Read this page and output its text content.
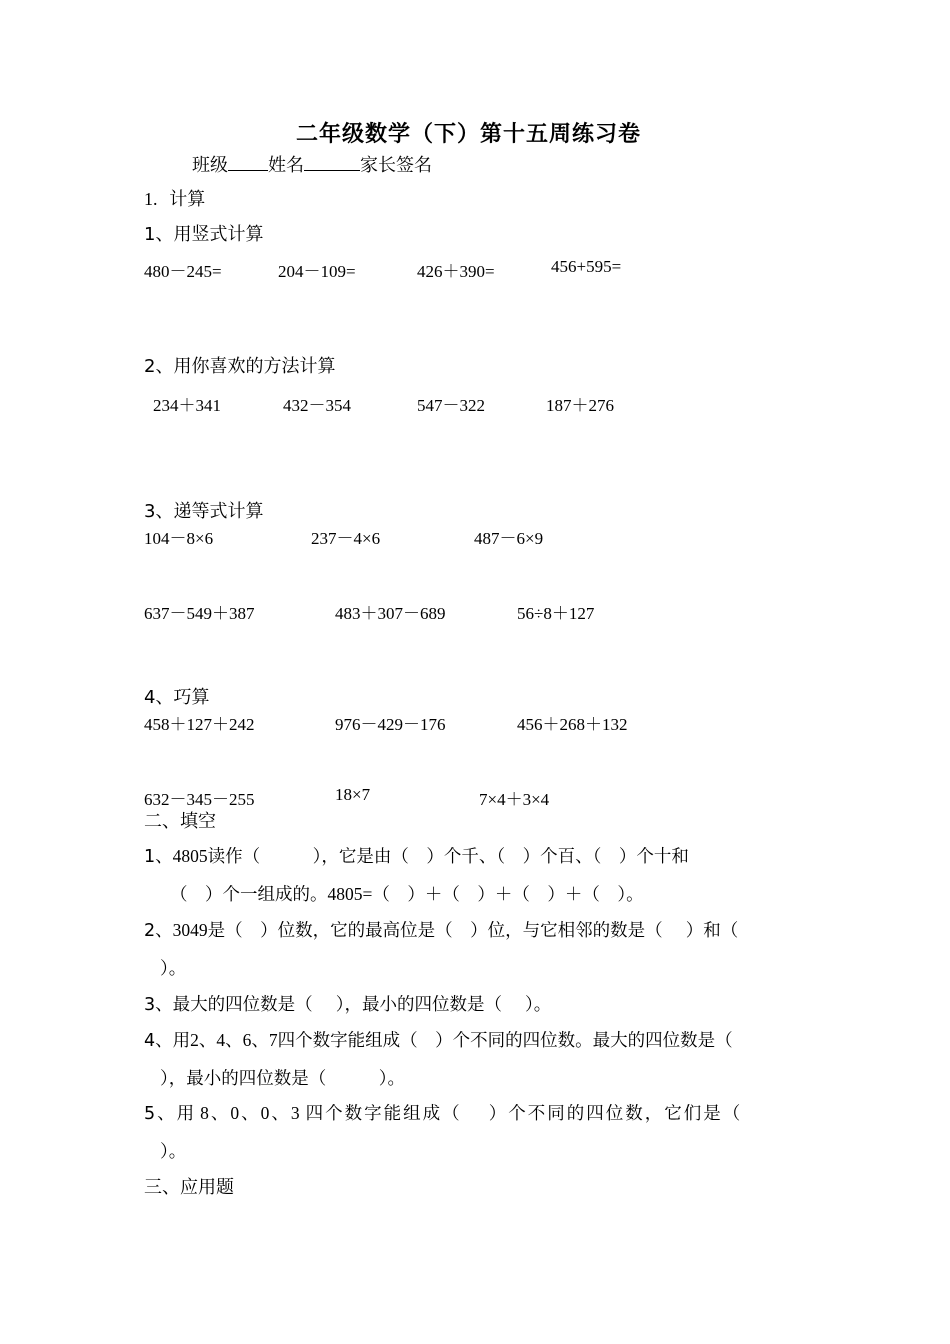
二年级数学（下）第十五周练习卷
班级 姓名	家长签名
1. 计算
1、用竖式计算
480－245=	204－109=	426＋390=	456+595=
2、用你喜欢的方法计算
234＋341	432－354	547－322	187＋276
3、递等式计算
104－8×6	237－4×6	487－6×9
637－549＋387	483＋307－689	56÷8＋127
4、巧算
458＋127＋242	976－429－176	456＋268＋132
632－345－255	18×7	7×4＋3×4
二、填空
1、4805读作（　　　），它是由（　）个千、（　）个百、（　）个十和
（　）个一组成的。4805=（　）＋（　）＋（　）＋（　）。
2、3049是（　）位数，它的最高位是（　）位，与它相邻的数是（　 ）和（
）。
3、最大的四位数是（　 ），最小的四位数是（　 ）。
4、用2、4、6、7四个数字能组成（　）个不同的四位数。最大的四位数是（
），最小的四位数是（　　　）。
5、用 8、0、0、3 四个数字能组成（　 ）个不同的四位数，它们是（
）。
三、应用题
